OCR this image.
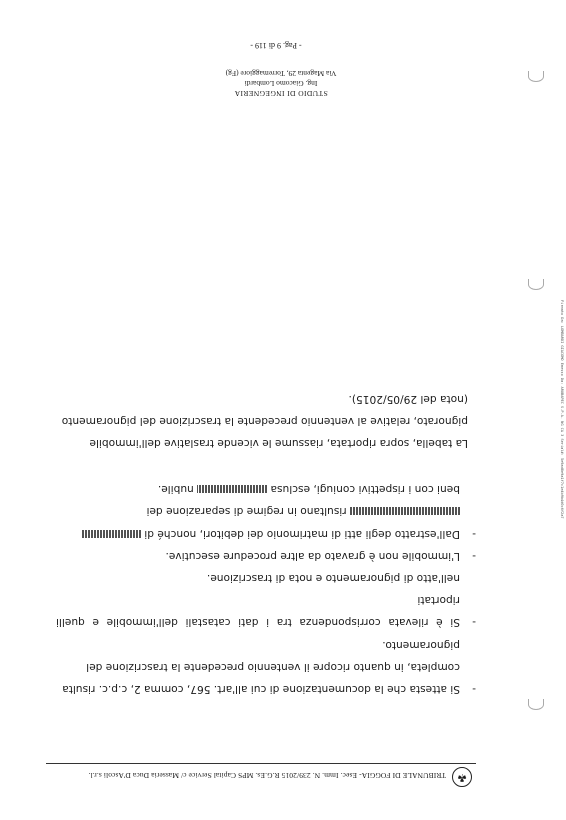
☘
TRIBUNALE DI FOGGIA- Esec. Imm. N. 239/2015 R.G.Es. MPS Capital Service c/ Masseria Duca D'Ascoli s.r.l.
-

Si attesta che la documentazione di cui all'art. 567, comma 2, c.p.c. risulta

completa, in quanto ricopre il ventennio precedente la trascrizione del

pignoramento.

-

Si è rilevata corrispondenza tra i dati catastali dell'immobile e quelli riportati

nell'atto di pignoramento e nota di trascrizione.

-

L'immobile non è gravato da altre procedure esecutive.

-

Dall'estratto degli atti di matrimonio dei debitori, nonché di

risultano in regime di separazione dei

beni con i rispettivi coniugi, esclusa  nubile.

La tabella, sopra riportata, riassume le vicende traslative dell'immobile

pignorato, relative al ventennio precedente la trascrizione del pignoramento

(nota del 29/05/2015).

STUDIO DI INGEGNERIA
Ing. Giacomo Lombardi
Via Magenta 29, Torremaggiore (Fg)
- Pag. 9 di 119 -
Firmato Da: LOMBARDI GIACOMO Emesso Da: ARUBAPEC S.P.A. NG CA 3 Serial#: 5e9ad8e9a1f7c1e4b9b4d0c6f2a7
